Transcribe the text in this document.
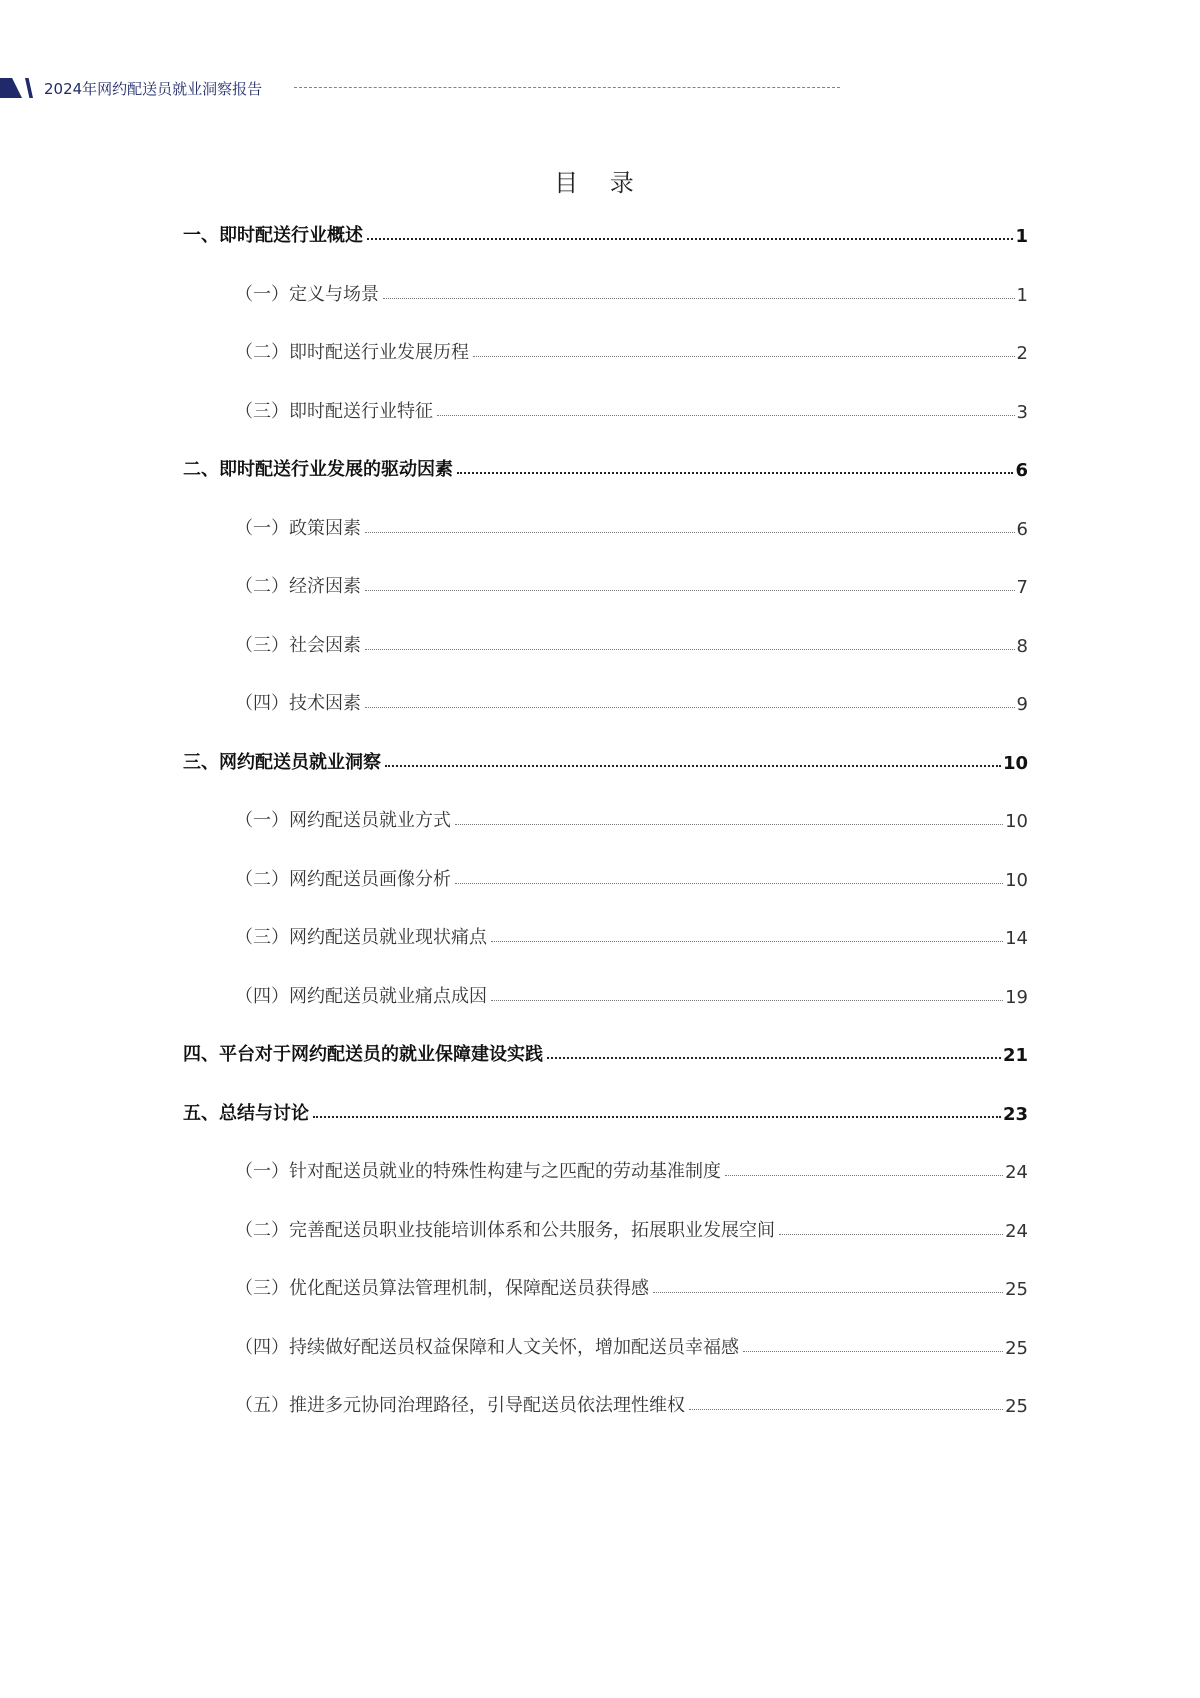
2024年网约配送员就业洞察报告
目 录
一、即时配送行业概述	1
（一）定义与场景	1
（二）即时配送行业发展历程	2
（三）即时配送行业特征	3
二、即时配送行业发展的驱动因素	6
（一）政策因素	6
（二）经济因素	7
（三）社会因素	8
（四）技术因素	9
三、网约配送员就业洞察	10
（一）网约配送员就业方式	10
（二）网约配送员画像分析	10
（三）网约配送员就业现状痛点	14
（四）网约配送员就业痛点成因	19
四、平台对于网约配送员的就业保障建设实践	21
五、总结与讨论	23
（一）针对配送员就业的特殊性构建与之匹配的劳动基准制度	24
（二）完善配送员职业技能培训体系和公共服务，拓展职业发展空间	24
（三）优化配送员算法管理机制，保障配送员获得感	25
（四）持续做好配送员权益保障和人文关怀，增加配送员幸福感	25
（五）推进多元协同治理路径，引导配送员依法理性维权	25
